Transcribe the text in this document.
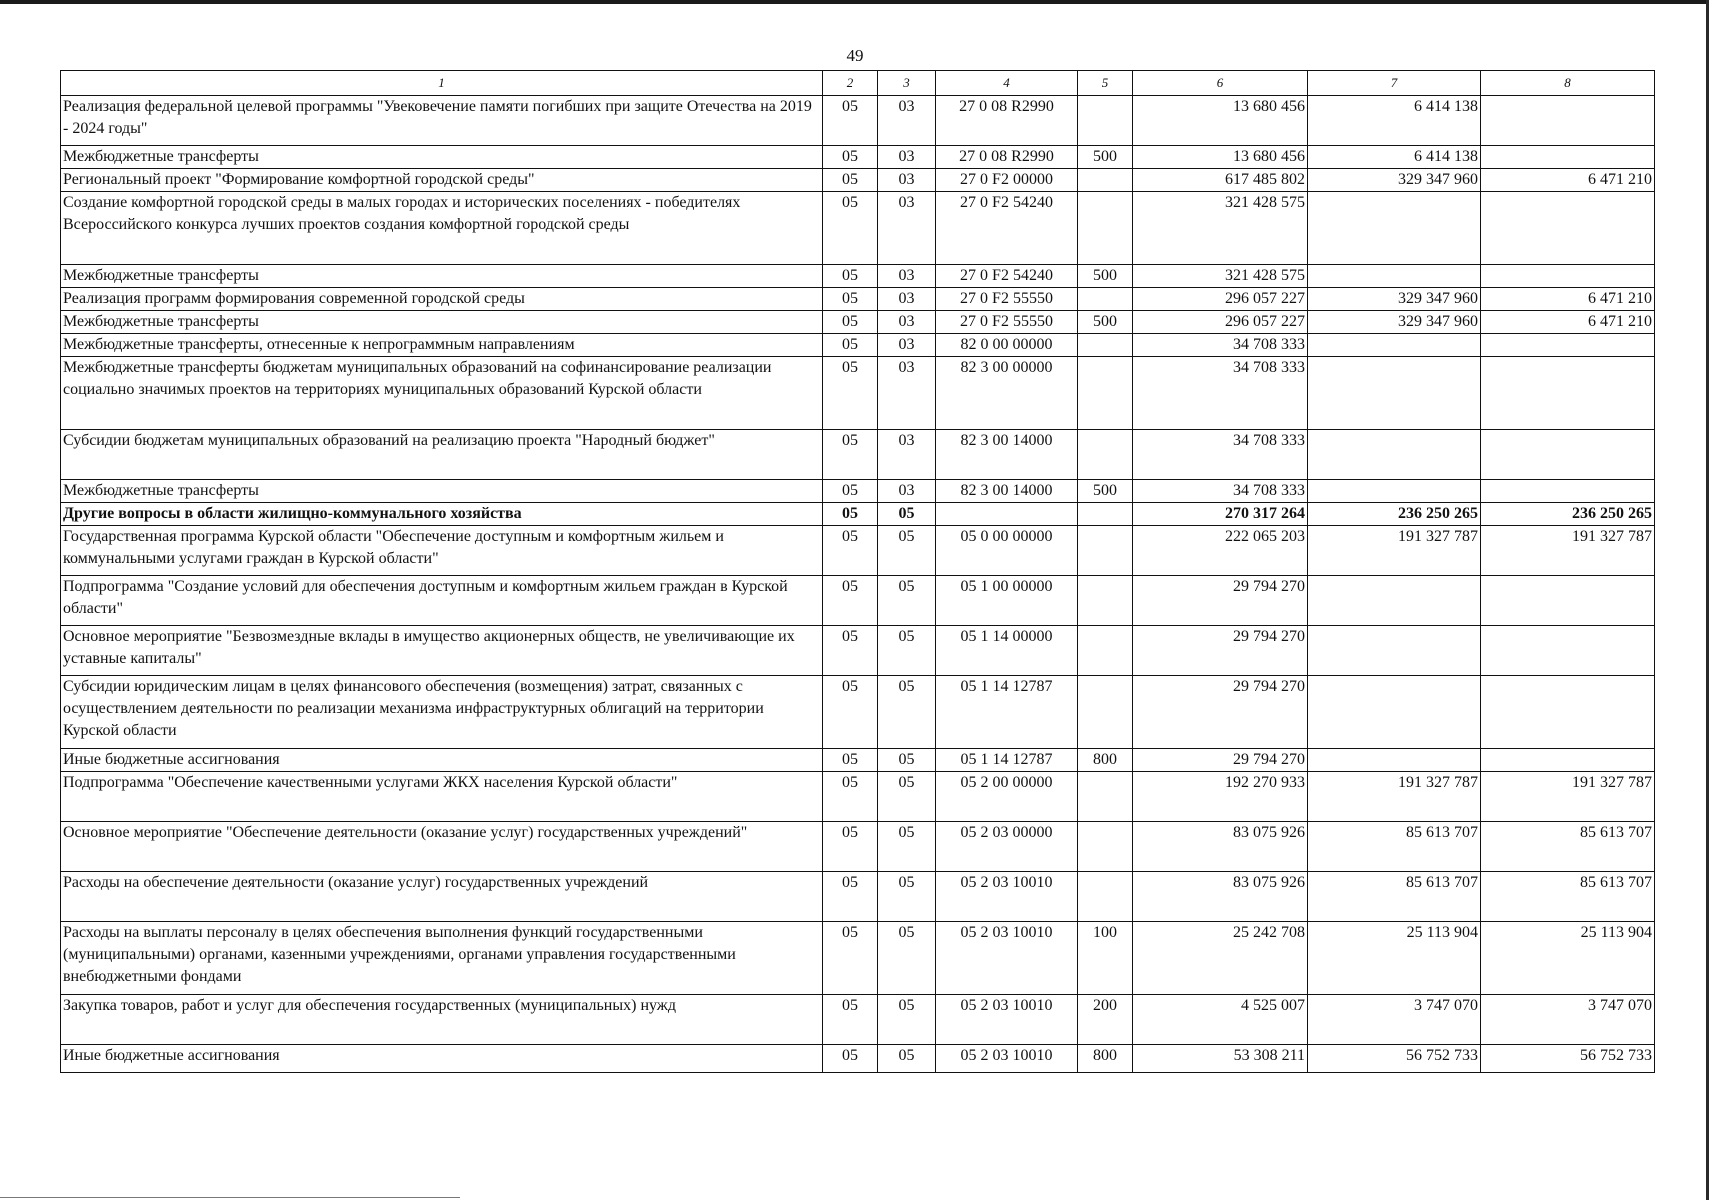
49
1	2	3	4	5	6	7	8
Реализация федеральной целевой программы "Увековечение памяти погибших при защите Отечества на 2019 - 2024 годы"	05	03	27 0 08 R2990		13 680 456	6 414 138	
Межбюджетные трансферты	05	03	27 0 08 R2990	500	13 680 456	6 414 138	
Региональный проект "Формирование комфортной городской среды"	05	03	27 0 F2 00000		617 485 802	329 347 960	6 471 210
Создание комфортной городской среды в малых городах и исторических поселениях - победителях Всероссийского конкурса лучших проектов создания комфортной городской среды	05	03	27 0 F2 54240		321 428 575		
Межбюджетные трансферты	05	03	27 0 F2 54240	500	321 428 575		
Реализация программ формирования современной городской среды	05	03	27 0 F2 55550		296 057 227	329 347 960	6 471 210
Межбюджетные трансферты	05	03	27 0 F2 55550	500	296 057 227	329 347 960	6 471 210
Межбюджетные трансферты, отнесенные к непрограммным направлениям	05	03	82 0 00 00000		34 708 333		
Межбюджетные трансферты бюджетам муниципальных образований на софинансирование реализации социально значимых проектов на территориях муниципальных образований Курской области	05	03	82 3 00 00000		34 708 333		
Субсидии бюджетам муниципальных образований на реализацию проекта "Народный бюджет"	05	03	82 3 00 14000		34 708 333		
Межбюджетные трансферты	05	03	82 3 00 14000	500	34 708 333		
Другие вопросы в области жилищно-коммунального хозяйства	05	05			270 317 264	236 250 265	236 250 265
Государственная программа Курской области "Обеспечение доступным и комфортным жильем и коммунальными услугами граждан в Курской области"	05	05	05 0 00 00000		222 065 203	191 327 787	191 327 787
Подпрограмма "Создание условий для обеспечения доступным и комфортным жильем граждан в Курской области"	05	05	05 1 00 00000		29 794 270		
Основное мероприятие "Безвозмездные вклады в имущество акционерных обществ, не увеличивающие их уставные капиталы"	05	05	05 1 14 00000		29 794 270		
Субсидии юридическим лицам в целях финансового обеспечения (возмещения) затрат, связанных с осуществлением деятельности по реализации механизма инфраструктурных облигаций на территории Курской области	05	05	05 1 14 12787		29 794 270		
Иные бюджетные ассигнования	05	05	05 1 14 12787	800	29 794 270		
Подпрограмма "Обеспечение качественными услугами ЖКХ населения Курской области"	05	05	05 2 00 00000		192 270 933	191 327 787	191 327 787
Основное мероприятие "Обеспечение деятельности (оказание услуг) государственных учреждений"	05	05	05 2 03 00000		83 075 926	85 613 707	85 613 707
Расходы на обеспечение деятельности (оказание услуг) государственных учреждений	05	05	05 2 03 10010		83 075 926	85 613 707	85 613 707
Расходы на выплаты персоналу в целях обеспечения выполнения функций государственными (муниципальными) органами, казенными учреждениями, органами управления государственными внебюджетными фондами	05	05	05 2 03 10010	100	25 242 708	25 113 904	25 113 904
Закупка товаров, работ и услуг для обеспечения государственных (муниципальных) нужд	05	05	05 2 03 10010	200	4 525 007	3 747 070	3 747 070
Иные бюджетные ассигнования	05	05	05 2 03 10010	800	53 308 211	56 752 733	56 752 733
